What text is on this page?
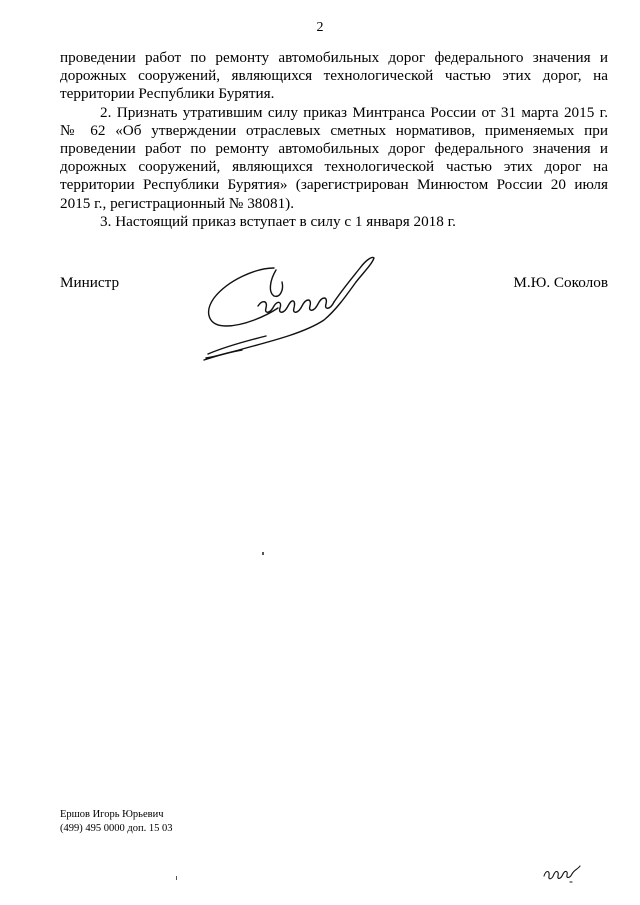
2

проведении работ по ремонту автомобильных дорог федерального значения и дорожных сооружений, являющихся технологической частью этих дорог, на территории Республики Бурятия.

2. Признать утратившим силу приказ Минтранса России от 31 марта 2015 г. № 62 «Об утверждении отраслевых сметных нормативов, применяемых при проведении работ по ремонту автомобильных дорог федерального значения и дорожных сооружений, являющихся технологической частью этих дорог на территории Республики Бурятия» (зарегистрирован Минюстом России 20 июля 2015 г., регистрационный № 38081).

3. Настоящий приказ вступает в силу с 1 января 2018 г.

Министр	М.Ю. Соколов
Ершов Игорь Юрьевич
(499) 495 0000 доп. 15 03
